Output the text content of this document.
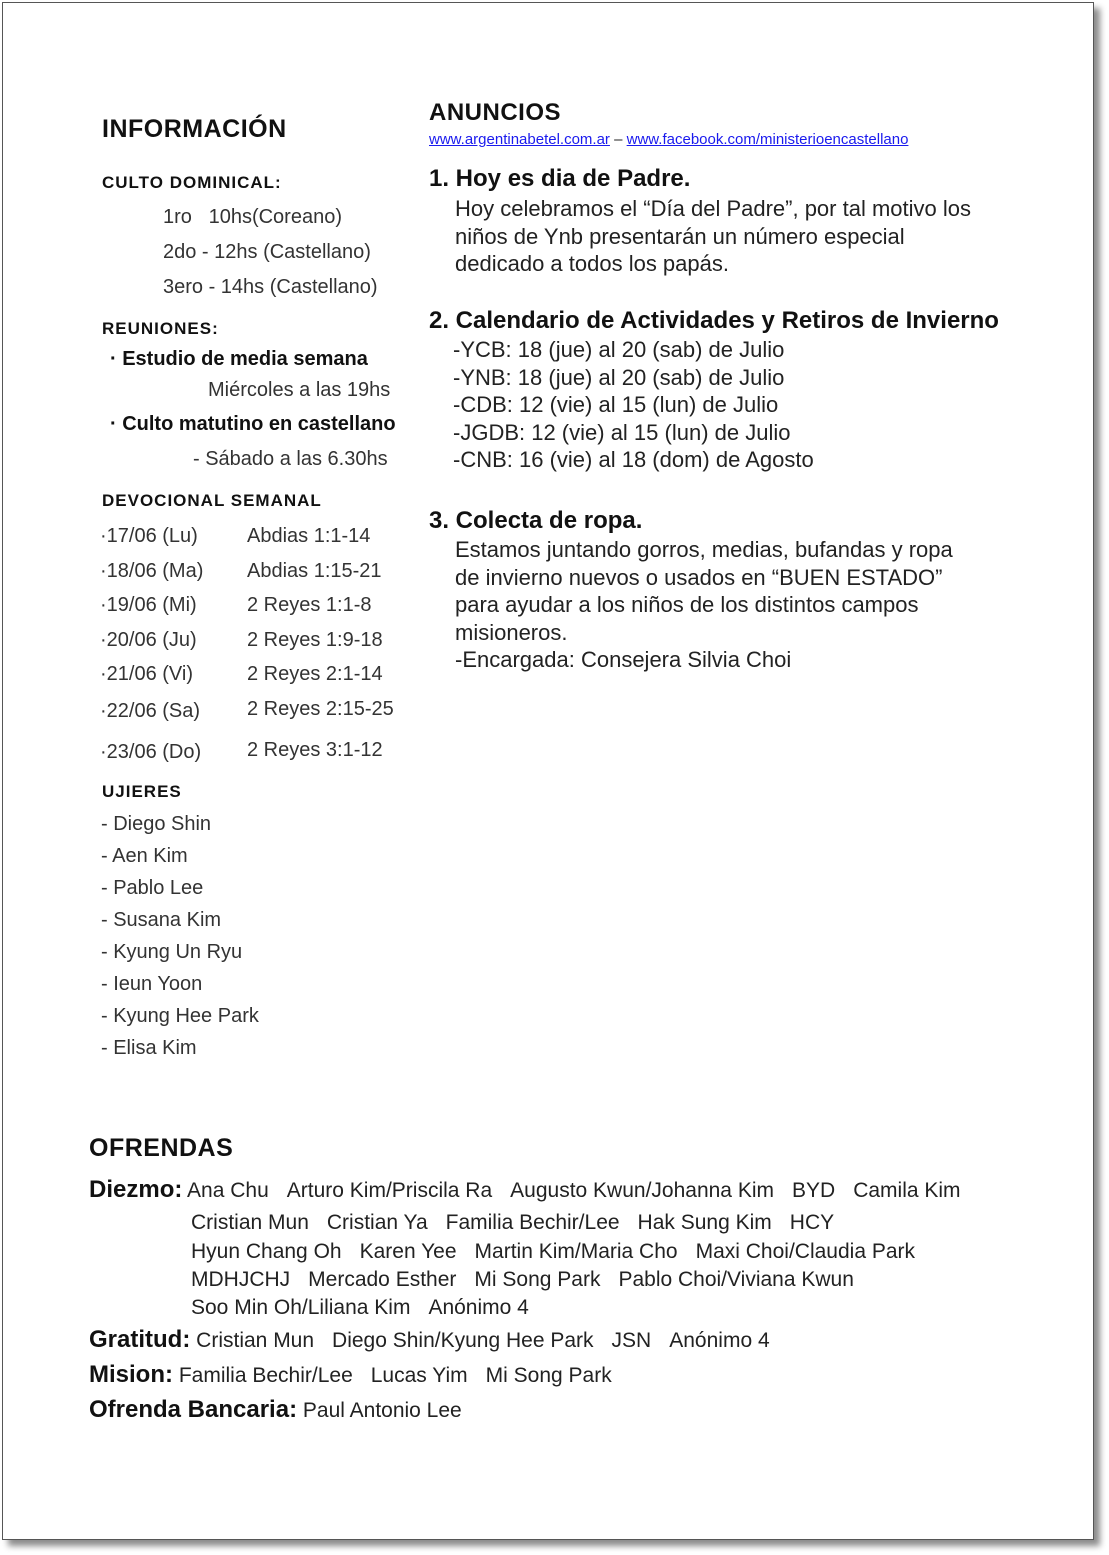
INFORMACIÓN
CULTO DOMINICAL:
1ro   10hs(Coreano)
2do - 12hs (Castellano)
3ero - 14hs (Castellano)
REUNIONES:
· Estudio de media semana
Miércoles a las 19hs
· Culto matutino en castellano
- Sábado a las 6.30hs
DEVOCIONAL SEMANAL
·17/06 (Lu) Abdias 1:1-14
·18/06 (Ma) Abdias 1:15-21
·19/06 (Mi)	2 Reyes 1:1-8
·20/06 (Ju)	2 Reyes 1:9-18
·21/06 (Vi)	2 Reyes 2:1-14
·22/06 (Sa) 2 Reyes 2:15-25
·23/06 (Do) 2 Reyes 3:1-12
UJIERES
- Diego Shin
- Aen Kim
- Pablo Lee
- Susana Kim
- Kyung Un Ryu
- Ieun Yoon
- Kyung Hee Park
- Elisa Kim
ANUNCIOS
www.argentinabetel.com.ar – www.facebook.com/ministerioencastellano
1. Hoy es dia de Padre.
Hoy celebramos el “Día del Padre”, por tal motivo los
niños de Ynb presentarán un número especial
dedicado a todos los papás.
2. Calendario de Actividades y Retiros de Invierno
-YCB: 18 (jue) al 20 (sab) de Julio
-YNB: 18 (jue) al 20 (sab) de Julio
-CDB: 12 (vie) al 15 (lun) de Julio
-JGDB: 12 (vie) al 15 (lun) de Julio
-CNB: 16 (vie) al 18 (dom) de Agosto
3. Colecta de ropa.
Estamos juntando gorros, medias, bufandas y ropa
de invierno nuevos o usados en “BUEN ESTADO”
para ayudar a los niños de los distintos campos
misioneros.
-Encargada: Consejera Silvia Choi
OFRENDAS
Diezmo: Ana Chu Arturo Kim/Priscila Ra Augusto Kwun/Johanna Kim BYD Camila Kim
Cristian Mun Cristian Ya Familia Bechir/Lee Hak Sung Kim HCY
Hyun Chang Oh Karen Yee Martin Kim/Maria Cho Maxi Choi/Claudia Park
MDHJCHJ Mercado Esther Mi Song Park Pablo Choi/Viviana Kwun
Soo Min Oh/Liliana Kim Anónimo 4
Gratitud: Cristian Mun Diego Shin/Kyung Hee Park JSN Anónimo 4
Mision: Familia Bechir/Lee Lucas Yim Mi Song Park
Ofrenda Bancaria: Paul Antonio Lee
